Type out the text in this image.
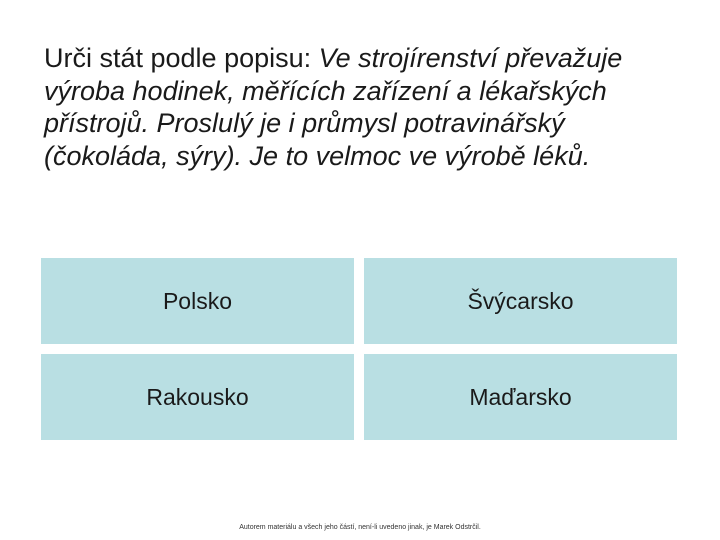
Urči stát podle popisu: Ve strojírenství převažuje výroba hodinek, měřících zařízení a lékařských přístrojů. Proslulý je i průmysl potravinářský (čokoláda, sýry). Je to velmoc ve výrobě léků.

Polsko	Švýcarsko
Rakousko	Maďarsko
Autorem materiálu a všech jeho částí, není-li uvedeno jinak, je Marek Odstrčil.
